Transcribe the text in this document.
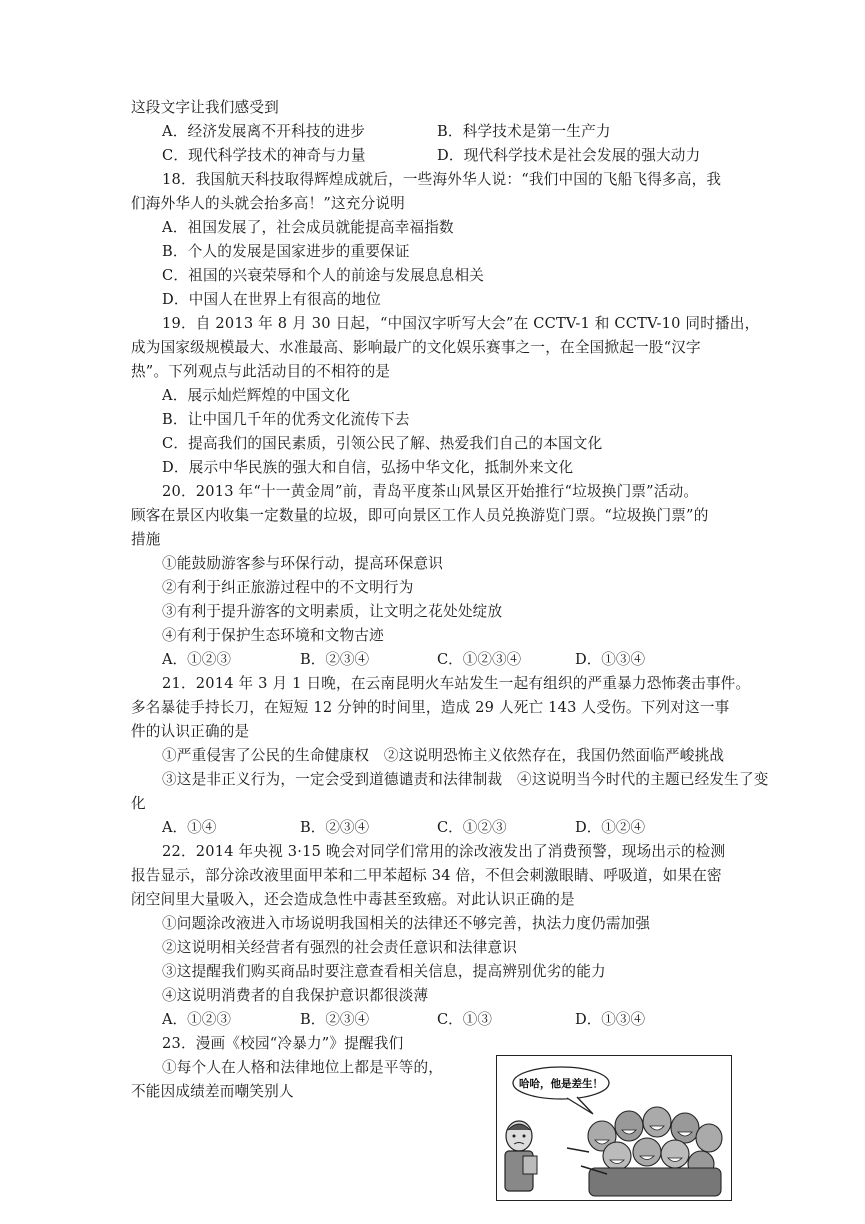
这段文字让我们感受到
A．经济发展离不开科技的进步	B．科学技术是第一生产力
C．现代科学技术的神奇与力量	D．现代科学技术是社会发展的强大动力
18．我国航天科技取得辉煌成就后，一些海外华人说：“我们中国的飞船飞得多高，我
们海外华人的头就会抬多高！”这充分说明
A．祖国发展了，社会成员就能提高幸福指数
B．个人的发展是国家进步的重要保证
C．祖国的兴衰荣辱和个人的前途与发展息息相关
D．中国人在世界上有很高的地位
19．自 2013 年 8 月 30 日起，“中国汉字听写大会”在 CCTV-1 和 CCTV-10 同时播出，
成为国家级规模最大、水准最高、影响最广的文化娱乐赛事之一，在全国掀起一股“汉字
热”。下列观点与此活动目的不相符的是
A．展示灿烂辉煌的中国文化
B．让中国几千年的优秀文化流传下去
C．提高我们的国民素质，引领公民了解、热爱我们自己的本国文化
D．展示中华民族的强大和自信，弘扬中华文化，抵制外来文化
20．2013 年“十一黄金周”前，青岛平度茶山风景区开始推行“垃圾换门票”活动。
顾客在景区内收集一定数量的垃圾，即可向景区工作人员兑换游览门票。“垃圾换门票”的
措施
①能鼓励游客参与环保行动，提高环保意识
②有利于纠正旅游过程中的不文明行为
③有利于提升游客的文明素质，让文明之花处处绽放
④有利于保护生态环境和文物古迹
21．2014 年 3 月 1 日晚，在云南昆明火车站发生一起有组织的严重暴力恐怖袭击事件。
多名暴徒手持长刀，在短短 12 分钟的时间里，造成 29 人死亡 143 人受伤。下列对这一事
件的认识正确的是
①严重侵害了公民的生命健康权　②这说明恐怖主义依然存在，我国仍然面临严峻挑战
③这是非正义行为，一定会受到道德谴责和法律制裁　④这说明当今时代的主题已经发生了变
化
22．2014 年央视 3·15 晚会对同学们常用的涂改液发出了消费预警，现场出示的检测
报告显示，部分涂改液里面甲苯和二甲苯超标 34 倍，不但会刺激眼睛、呼吸道，如果在密
闭空间里大量吸入，还会造成急性中毒甚至致癌。对此认识正确的是
①问题涂改液进入市场说明我国相关的法律还不够完善，执法力度仍需加强
②这说明相关经营者有强烈的社会责任意识和法律意识
③这提醒我们购买商品时要注意查看相关信息，提高辨别优劣的能力
④这说明消费者的自我保护意识都很淡薄
23．漫画《校园“冷暴力”》提醒我们
①每个人在人格和法律地位上都是平等的，
不能因成绩差而嘲笑别人
A．①②③	B．②③④	C．①②③④	D．①③④
A．①④	B．②③④	C．①②③	D．①②④
A．①②③	B．②③④	C．①③	D．①③④
哈哈，他是差生！
